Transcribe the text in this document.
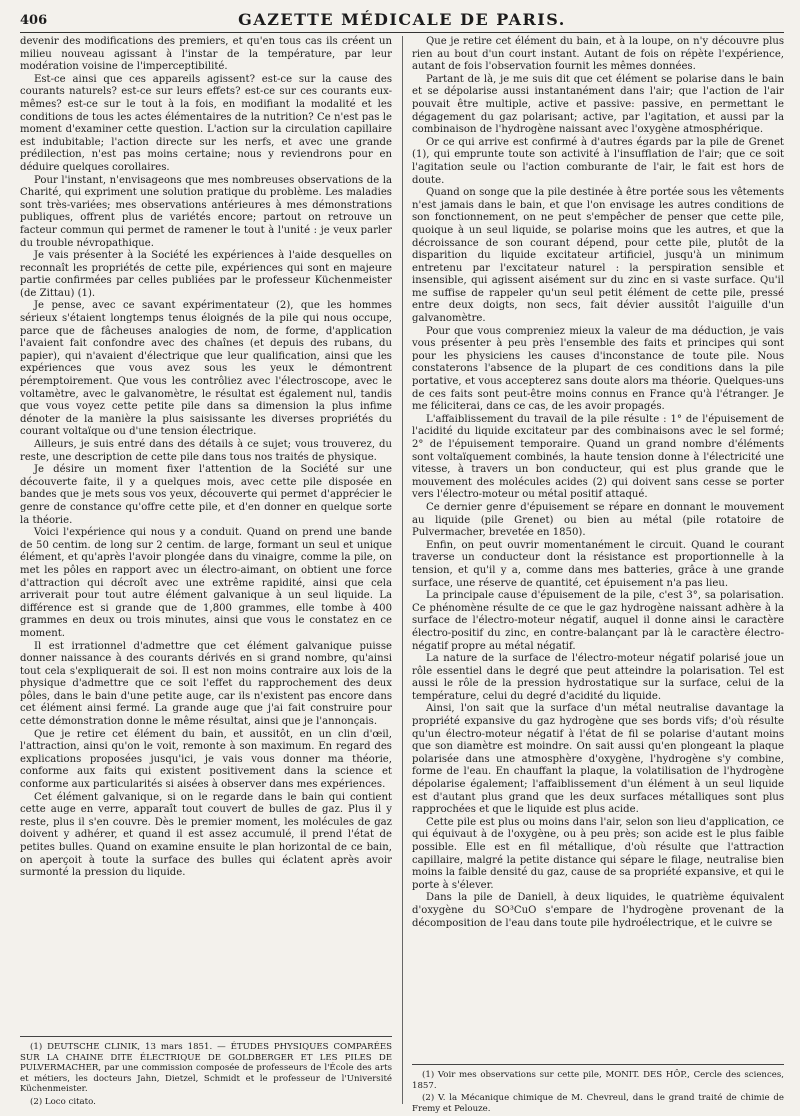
406	GAZETTE MÉDICALE DE PARIS.

devenir des modifications des premiers, et qu'en tous cas ils créent un milieu nouveau agissant à l'instar de la température, par leur modération voisine de l'imperceptibilité.

Est-ce ainsi que ces appareils agissent? est-ce sur la cause des courants naturels? est-ce sur leurs effets? est-ce sur ces courants eux-mêmes? est-ce sur le tout à la fois, en modifiant la modalité et les conditions de tous les actes élémentaires de la nutrition? Ce n'est pas le moment d'examiner cette question. L'action sur la circulation capillaire est indubitable; l'action directe sur les nerfs, et avec une grande prédilection, n'est pas moins certaine; nous y reviendrons pour en déduire quelques corollaires.

Pour l'instant, n'envisageons que mes nombreuses observations de la Charité, qui expriment une solution pratique du problème. Les maladies sont très-variées; mes observations antérieures à mes démonstrations publiques, offrent plus de variétés encore; partout on retrouve un facteur commun qui permet de ramener le tout à l'unité : je veux parler du trouble névropathique.

Je vais présenter à la Société les expériences à l'aide desquelles on reconnaît les propriétés de cette pile, expériences qui sont en majeure partie confirmées par celles publiées par le professeur Küchenmeister (de Zittau) (1).

Je pense, avec ce savant expérimentateur (2), que les hommes sérieux s'étaient longtemps tenus éloignés de la pile qui nous occupe, parce que de fâcheuses analogies de nom, de forme, d'application l'avaient fait confondre avec des chaînes (et depuis des rubans, du papier), qui n'avaient d'électrique que leur qualification, ainsi que les expériences que vous avez sous les yeux le démontrent péremptoirement. Que vous les contrôliez avec l'électroscope, avec le voltamètre, avec le galvanomètre, le résultat est également nul, tandis que vous voyez cette petite pile dans sa dimension la plus infime dénoter de la manière la plus saisissante les diverses propriétés du courant voltaïque ou d'une tension électrique.

Ailleurs, je suis entré dans des détails à ce sujet; vous trouverez, du reste, une description de cette pile dans tous nos traités de physique.

Je désire un moment fixer l'attention de la Société sur une découverte faite, il y a quelques mois, avec cette pile disposée en bandes que je mets sous vos yeux, découverte qui permet d'apprécier le genre de constance qu'offre cette pile, et d'en donner en quelque sorte la théorie.

Voici l'expérience qui nous y a conduit. Quand on prend une bande de 50 centim. de long sur 2 centim. de large, formant un seul et unique élément, et qu'après l'avoir plongée dans du vinaigre, comme la pile, on met les pôles en rapport avec un électro-aimant, on obtient une force d'attraction qui décroît avec une extrême rapidité, ainsi que cela arriverait pour tout autre élément galvanique à un seul liquide. La différence est si grande que de 1,800 grammes, elle tombe à 400 grammes en deux ou trois minutes, ainsi que vous le constatez en ce moment.

Il est irrationnel d'admettre que cet élément galvanique puisse donner naissance à des courants dérivés en si grand nombre, qu'ainsi tout cela s'expliquerait de soi. Il est non moins contraire aux lois de la physique d'admettre que ce soit l'effet du rapprochement des deux pôles, dans le bain d'une petite auge, car ils n'existent pas encore dans cet élément ainsi fermé. La grande auge que j'ai fait construire pour cette démonstration donne le même résultat, ainsi que je l'annonçais.

Que je retire cet élément du bain, et aussitôt, en un clin d'œil, l'attraction, ainsi qu'on le voit, remonte à son maximum. En regard des explications proposées jusqu'ici, je vais vous donner ma théorie, conforme aux faits qui existent positivement dans la science et conforme aux particularités si aisées à observer dans mes expériences.

Cet élément galvanique, si on le regarde dans le bain qui contient cette auge en verre, apparaît tout couvert de bulles de gaz. Plus il y reste, plus il s'en couvre. Dès le premier moment, les molécules de gaz doivent y adhérer, et quand il est assez accumulé, il prend l'état de petites bulles. Quand on examine ensuite le plan horizontal de ce bain, on aperçoit à toute la surface des bulles qui éclatent après avoir surmonté la pression du liquide.

(1) DEUTSCHE CLINIK, 13 mars 1851. — ÉTUDES PHYSIQUES COMPARÉES SUR LA CHAINE DITE ÉLECTRIQUE DE GOLDBERGER ET LES PILES DE PULVERMACHER, par une commission composée de professeurs de l'École des arts et métiers, les docteurs Jahn, Dietzel, Schmidt et le professeur de l'Université Küchenmeister.

(2) Loco citato.

Que je retire cet élément du bain, et à la loupe, on n'y découvre plus rien au bout d'un court instant. Autant de fois on répète l'expérience, autant de fois l'observation fournit les mêmes données.

Partant de là, je me suis dit que cet élément se polarise dans le bain et se dépolarise aussi instantanément dans l'air; que l'action de l'air pouvait être multiple, active et passive: passive, en permettant le dégagement du gaz polarisant; active, par l'agitation, et aussi par la combinaison de l'hydrogène naissant avec l'oxygène atmosphérique.

Or ce qui arrive est confirmé à d'autres égards par la pile de Grenet (1), qui emprunte toute son activité à l'insufflation de l'air; que ce soit l'agitation seule ou l'action comburante de l'air, le fait est hors de doute.

Quand on songe que la pile destinée à être portée sous les vêtements n'est jamais dans le bain, et que l'on envisage les autres conditions de son fonctionnement, on ne peut s'empêcher de penser que cette pile, quoique à un seul liquide, se polarise moins que les autres, et que la décroissance de son courant dépend, pour cette pile, plutôt de la disparition du liquide excitateur artificiel, jusqu'à un minimum entretenu par l'excitateur naturel : la perspiration sensible et insensible, qui agissent aisément sur du zinc en si vaste surface. Qu'il me suffise de rappeler qu'un seul petit élément de cette pile, pressé entre deux doigts, non secs, fait dévier aussitôt l'aiguille d'un galvanomètre.

Pour que vous compreniez mieux la valeur de ma déduction, je vais vous présenter à peu près l'ensemble des faits et principes qui sont pour les physiciens les causes d'inconstance de toute pile. Nous constaterons l'absence de la plupart de ces conditions dans la pile portative, et vous accepterez sans doute alors ma théorie. Quelques-uns de ces faits sont peut-être moins connus en France qu'à l'étranger. Je me féliciterai, dans ce cas, de les avoir propagés.

L'affaiblissement du travail de la pile résulte : 1° de l'épuisement de l'acidité du liquide excitateur par des combinaisons avec le sel formé; 2° de l'épuisement temporaire. Quand un grand nombre d'éléments sont voltaïquement combinés, la haute tension donne à l'électricité une vitesse, à travers un bon conducteur, qui est plus grande que le mouvement des molécules acides (2) qui doivent sans cesse se porter vers l'électro-moteur ou métal positif attaqué.

Ce dernier genre d'épuisement se répare en donnant le mouvement au liquide (pile Grenet) ou bien au métal (pile rotatoire de Pulvermacher, brevetée en 1850).

Enfin, on peut ouvrir momentanément le circuit. Quand le courant traverse un conducteur dont la résistance est proportionnelle à la tension, et qu'il y a, comme dans mes batteries, grâce à une grande surface, une réserve de quantité, cet épuisement n'a pas lieu.

La principale cause d'épuisement de la pile, c'est 3°, sa polarisation. Ce phénomène résulte de ce que le gaz hydrogène naissant adhère à la surface de l'électro-moteur négatif, auquel il donne ainsi le caractère électro-positif du zinc, en contre-balançant par là le caractère électro-négatif propre au métal négatif.

La nature de la surface de l'électro-moteur négatif polarisé joue un rôle essentiel dans le degré que peut atteindre la polarisation. Tel est aussi le rôle de la pression hydrostatique sur la surface, celui de la température, celui du degré d'acidité du liquide.

Ainsi, l'on sait que la surface d'un métal neutralise davantage la propriété expansive du gaz hydrogène que ses bords vifs; d'où résulte qu'un électro-moteur négatif à l'état de fil se polarise d'autant moins que son diamètre est moindre. On sait aussi qu'en plongeant la plaque polarisée dans une atmosphère d'oxygène, l'hydrogène s'y combine, forme de l'eau. En chauffant la plaque, la volatilisation de l'hydrogène dépolarise également; l'affaiblissement d'un élément à un seul liquide est d'autant plus grand que les deux surfaces métalliques sont plus rapprochées et que le liquide est plus acide.

Cette pile est plus ou moins dans l'air, selon son lieu d'application, ce qui équivaut à de l'oxygène, ou à peu près; son acide est le plus faible possible. Elle est en fil métallique, d'où résulte que l'attraction capillaire, malgré la petite distance qui sépare le filage, neutralise bien moins la faible densité du gaz, cause de sa propriété expansive, et qui le porte à s'élever.

Dans la pile de Daniell, à deux liquides, le quatrième équivalent d'oxygène du SO³CuO s'empare de l'hydrogène provenant de la décomposition de l'eau dans toute pile hydroélectrique, et le cuivre se

(1) Voir mes observations sur cette pile, MONIT. DES HÔP., Cercle des sciences, 1857.

(2) V. la Mécanique chimique de M. Chevreul, dans le grand traité de chimie de Fremy et Pelouze.
